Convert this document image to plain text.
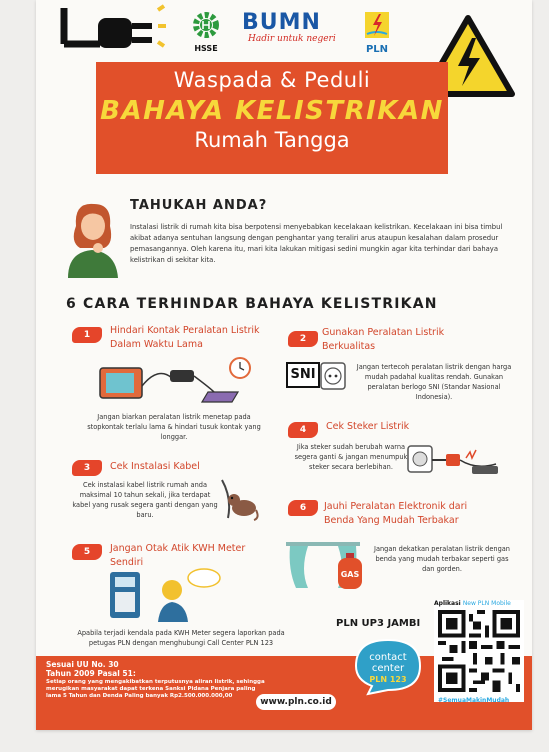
HSSE
BUMN
Hadir untuk negeri
PLN
Waspada & Peduli
BAHAYA KELISTRIKAN
Rumah Tangga
TAHUKAH ANDA?
Instalasi listrik di rumah kita bisa berpotensi menyebabkan kecelakaan kelistrikan. Kecelakaan ini bisa timbul akibat adanya sentuhan langsung dengan penghantar yang teraliri arus ataupun kesalahan dalam prosedur pemasangannya. Oleh karena itu, mari kita lakukan mitigasi sedini mungkin agar kita terhindar dari bahaya kelistrikan di sekitar kita.
6 CARA TERHINDAR BAHAYA KELISTRIKAN
1	Hindari Kontak Peralatan Listrik Dalam Waktu Lama
Jangan biarkan peralatan listrik menetap pada stopkontak terlalu lama & hindari tusuk kontak yang longgar.
2
Gunakan Peralatan Listrik Berkualitas
SNI	Jangan tertecoh peralatan listrik dengan harga mudah padahal kualitas rendah. Gunakan peralatan berlogo SNI (Standar Nasional Indonesia).
4	Cek Steker Listrik
Jika steker sudah berubah warna segera ganti & jangan menumpuk steker secara berlebihan.
3	Cek Instalasi Kabel
Cek instalasi kabel listrik rumah anda maksimal 10 tahun sekali, jika terdapat kabel yang rusak segera ganti dengan yang baru.
6	Jauhi Peralatan Elektronik dari Benda Yang Mudah Terbakar
GAS
Jangan dekatkan peralatan listrik dengan benda yang mudah terbakar seperti gas dan gorden.
5	Jangan Otak Atik KWH Meter Sendiri
Apabila terjadi kendala pada KWH Meter segera laporkan pada petugas PLN dengan menghubungi Call Center PLN 123
PLN UP3 JAMBI
Sesuai UU No. 30
Tahun 2009 Pasal 51:
Setiap orang yang mengakibatkan terputusnya aliran listrik, sehingga merugikan masyarakat dapat terkena Sanksi Pidana Penjara paling lama 5 Tahun dan Denda Paling banyak Rp2.500.000.000,00
www.pln.co.id
contact
center
PLN 123
Aplikasi New PLN Mobile
#SemuaMakinMudah
